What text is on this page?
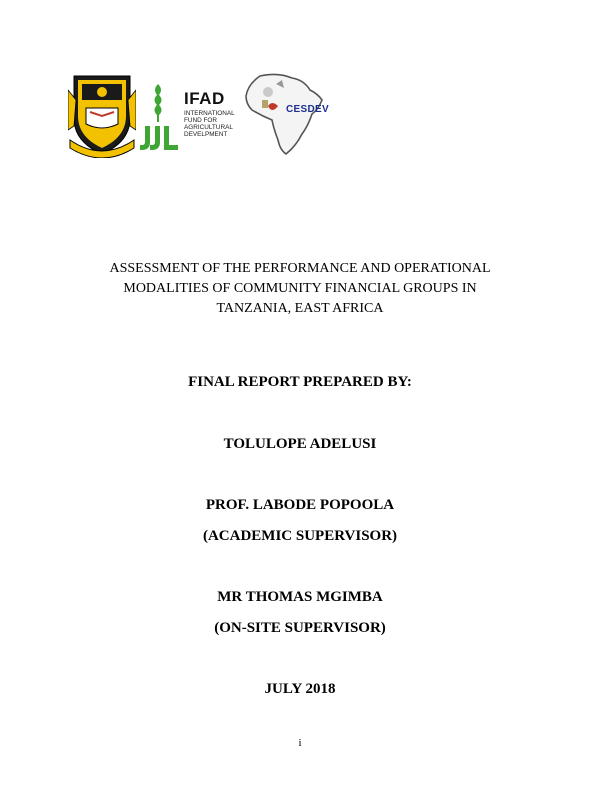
IFAD
INTERNATIONAL
FUND FOR
AGRICULTURAL
DEVELPMENT
CESDEV
ASSESSMENT OF THE PERFORMANCE AND OPERATIONAL
MODALITIES OF COMMUNITY FINANCIAL GROUPS IN
TANZANIA, EAST AFRICA
FINAL REPORT PREPARED BY:
TOLULOPE ADELUSI
PROF. LABODE POPOOLA
(ACADEMIC SUPERVISOR)
MR THOMAS MGIMBA
(ON-SITE SUPERVISOR)
JULY 2018
i
